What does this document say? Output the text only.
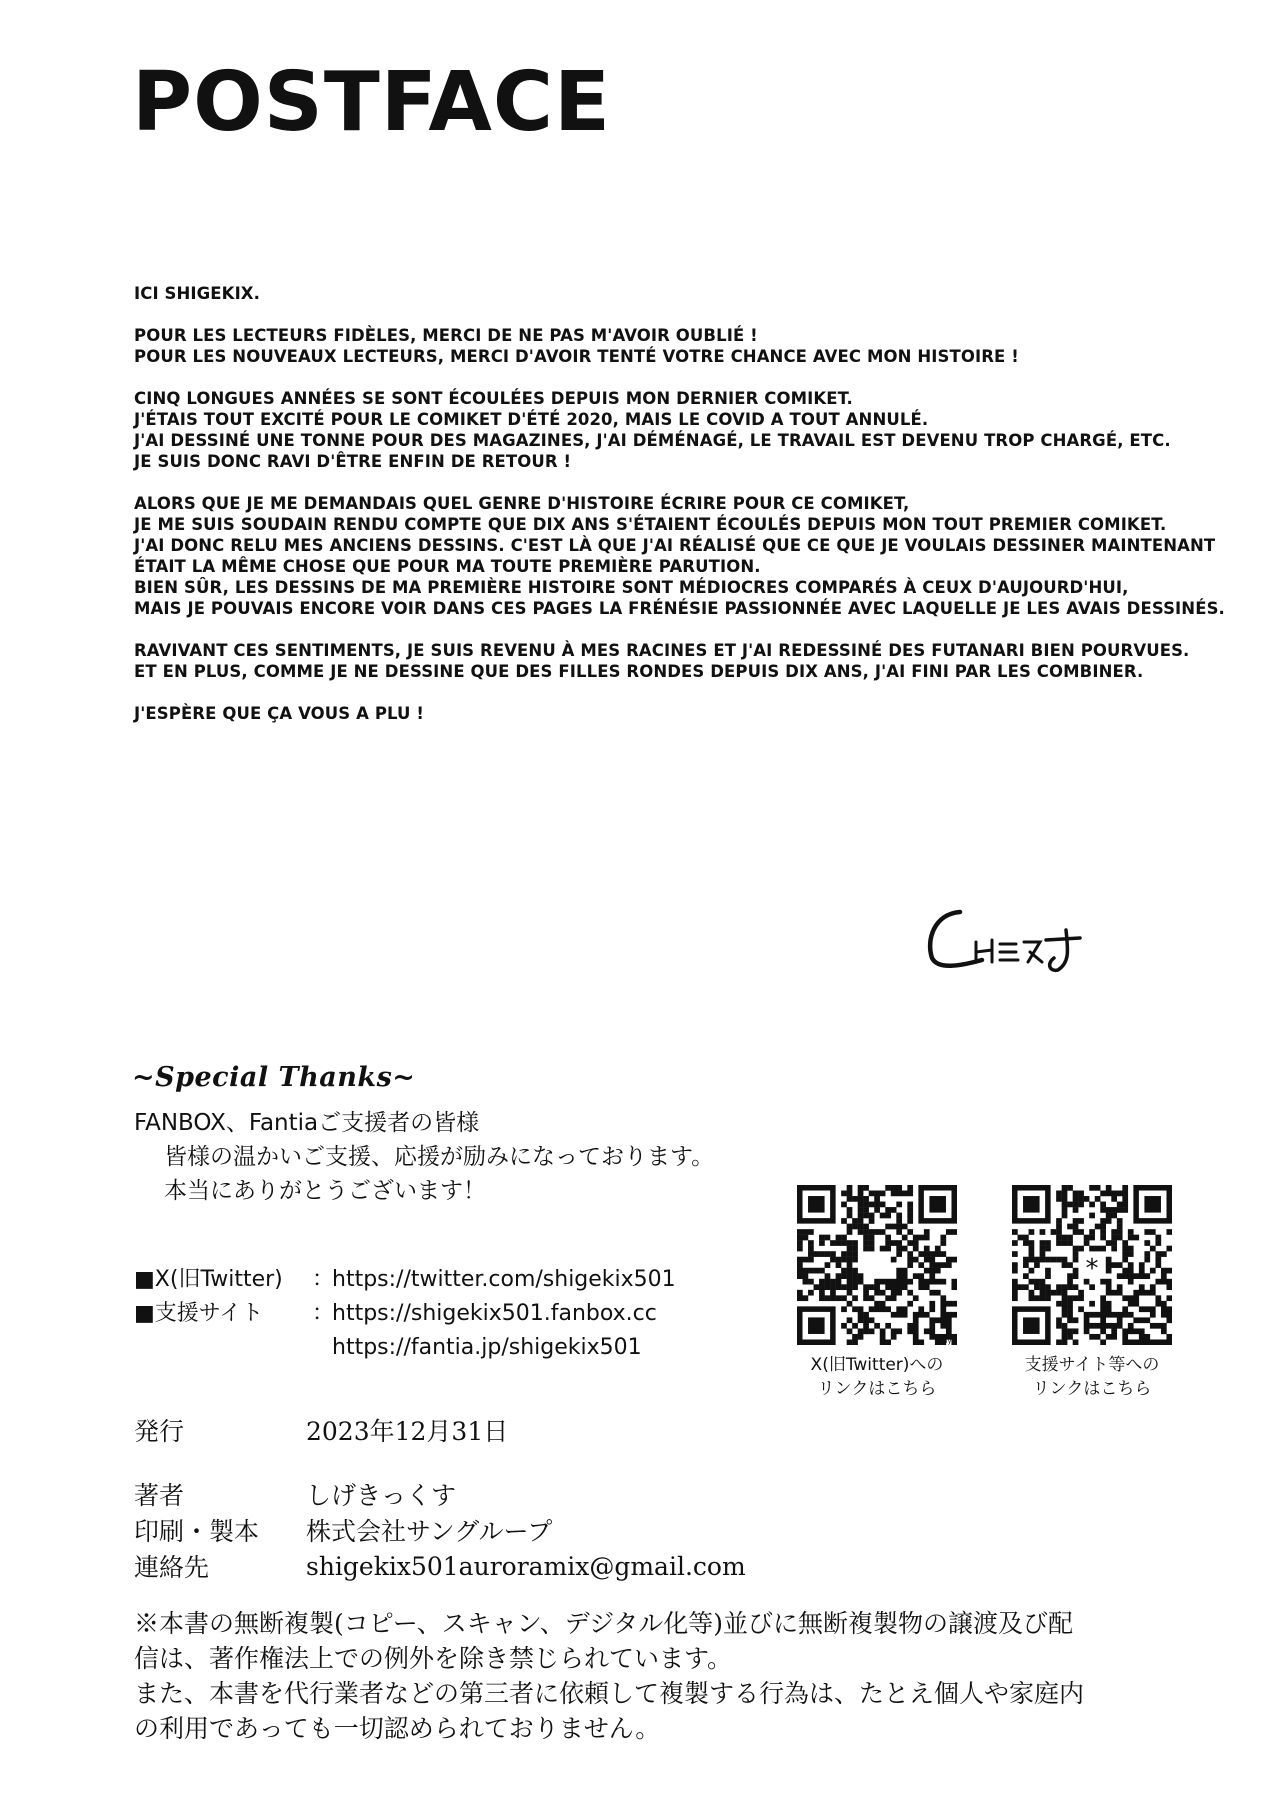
POSTFACE

ICI SHIGEKIX.

POUR LES LECTEURS FIDÈLES, MERCI DE NE PAS M'AVOIR OUBLIÉ !
POUR LES NOUVEAUX LECTEURS, MERCI D'AVOIR TENTÉ VOTRE CHANCE AVEC MON HISTOIRE !

CINQ LONGUES ANNÉES SE SONT ÉCOULÉES DEPUIS MON DERNIER COMIKET.
J'ÉTAIS TOUT EXCITÉ POUR LE COMIKET D'ÉTÉ 2020, MAIS LE COVID A TOUT ANNULÉ.
J'AI DESSINÉ UNE TONNE POUR DES MAGAZINES, J'AI DÉMÉNAGÉ, LE TRAVAIL EST DEVENU TROP CHARGÉ, ETC.
JE SUIS DONC RAVI D'ÊTRE ENFIN DE RETOUR !

ALORS QUE JE ME DEMANDAIS QUEL GENRE D'HISTOIRE ÉCRIRE POUR CE COMIKET,
JE ME SUIS SOUDAIN RENDU COMPTE QUE DIX ANS S'ÉTAIENT ÉCOULÉS DEPUIS MON TOUT PREMIER COMIKET.
J'AI DONC RELU MES ANCIENS DESSINS. C'EST LÀ QUE J'AI RÉALISÉ QUE CE QUE JE VOULAIS DESSINER MAINTENANT
ÉTAIT LA MÊME CHOSE QUE POUR MA TOUTE PREMIÈRE PARUTION.
BIEN SÛR, LES DESSINS DE MA PREMIÈRE HISTOIRE SONT MÉDIOCRES COMPARÉS À CEUX D'AUJOURD'HUI,
MAIS JE POUVAIS ENCORE VOIR DANS CES PAGES LA FRÉNÉSIE PASSIONNÉE AVEC LAQUELLE JE LES AVAIS DESSINÉS.

RAVIVANT CES SENTIMENTS, JE SUIS REVENU À MES RACINES ET J'AI REDESSINÉ DES FUTANARI BIEN POURVUES.
ET EN PLUS, COMME JE NE DESSINE QUE DES FILLES RONDES DEPUIS DIX ANS, J'AI FINI PAR LES COMBINER.

J'ESPÈRE QUE ÇA VOUS A PLU !

~Special Thanks~
FANBOX、Fantiaご支援者の皆様
皆様の温かいご支援、応援が励みになっております。
本当にありがとうございます！
■X(旧Twitter)	：
https://twitter.com/shigekix501
■支援サイト	：
https://shigekix501.fanbox.cc
https://fantia.jp/shigekix501	bitly
X(旧Twitter)への
リンクはこちら
*
支援サイト等への
リンクはこちら
発行	2023年12月31日
著者	しげきっくす
印刷・製本	株式会社サングループ
連絡先	shigekix501auroramix@gmail.com
※本書の無断複製(コピー、スキャン、デジタル化等)並びに無断複製物の譲渡及び配
信は、著作権法上での例外を除き禁じられています。
また、本書を代行業者などの第三者に依頼して複製する行為は、たとえ個人や家庭内
の利用であっても一切認められておりません。
